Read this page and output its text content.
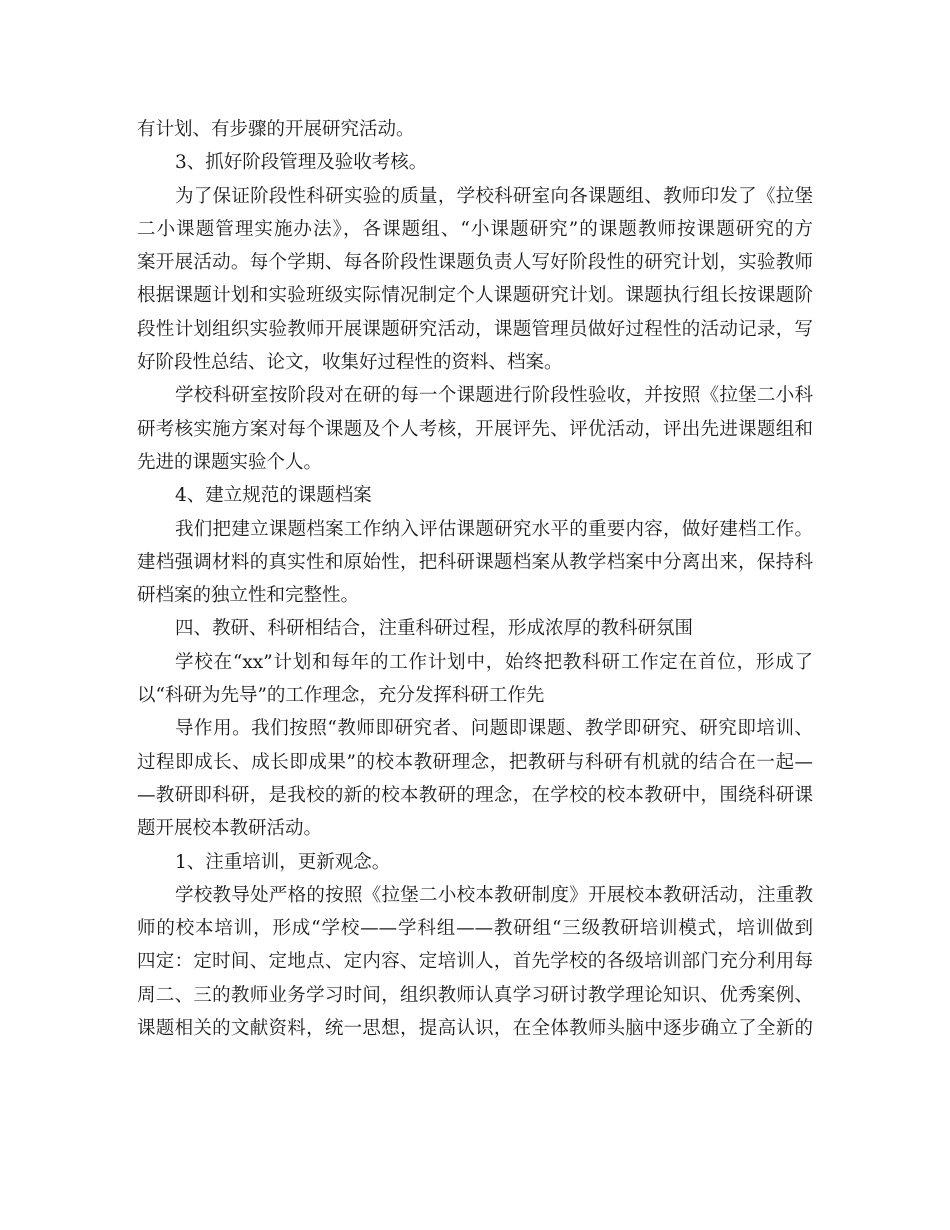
有计划、有步骤的开展研究活动。
3、抓好阶段管理及验收考核。
为了保证阶段性科研实验的质量，学校科研室向各课题组、教师印发了《拉堡
二小课题管理实施办法》，各课题组、“小课题研究”的课题教师按课题研究的方
案开展活动。每个学期、每各阶段性课题负责人写好阶段性的研究计划，实验教师
根据课题计划和实验班级实际情况制定个人课题研究计划。课题执行组长按课题阶
段性计划组织实验教师开展课题研究活动，课题管理员做好过程性的活动记录，写
好阶段性总结、论文，收集好过程性的资料、档案。
学校科研室按阶段对在研的每一个课题进行阶段性验收，并按照《拉堡二小科
研考核实施方案对每个课题及个人考核，开展评先、评优活动，评出先进课题组和
先进的课题实验个人。
4、建立规范的课题档案
我们把建立课题档案工作纳入评估课题研究水平的重要内容，做好建档工作。
建档强调材料的真实性和原始性，把科研课题档案从教学档案中分离出来，保持科
研档案的独立性和完整性。
四、教研、科研相结合，注重科研过程，形成浓厚的教科研氛围
学校在“xx”计划和每年的工作计划中，始终把教科研工作定在首位，形成了
以“科研为先导”的工作理念，充分发挥科研工作先
导作用。我们按照“教师即研究者、问题即课题、教学即研究、研究即培训、
过程即成长、成长即成果”的校本教研理念，把教研与科研有机就的结合在一起—
—教研即科研，是我校的新的校本教研的理念，在学校的校本教研中，围绕科研课
题开展校本教研活动。
1、注重培训，更新观念。
学校教导处严格的按照《拉堡二小校本教研制度》开展校本教研活动，注重教
师的校本培训，形成“学校——学科组——教研组“三级教研培训模式，培训做到
四定：定时间、定地点、定内容、定培训人，首先学校的各级培训部门充分利用每
周二、三的教师业务学习时间，组织教师认真学习研讨教学理论知识、优秀案例、
课题相关的文献资料，统一思想，提高认识，在全体教师头脑中逐步确立了全新的
